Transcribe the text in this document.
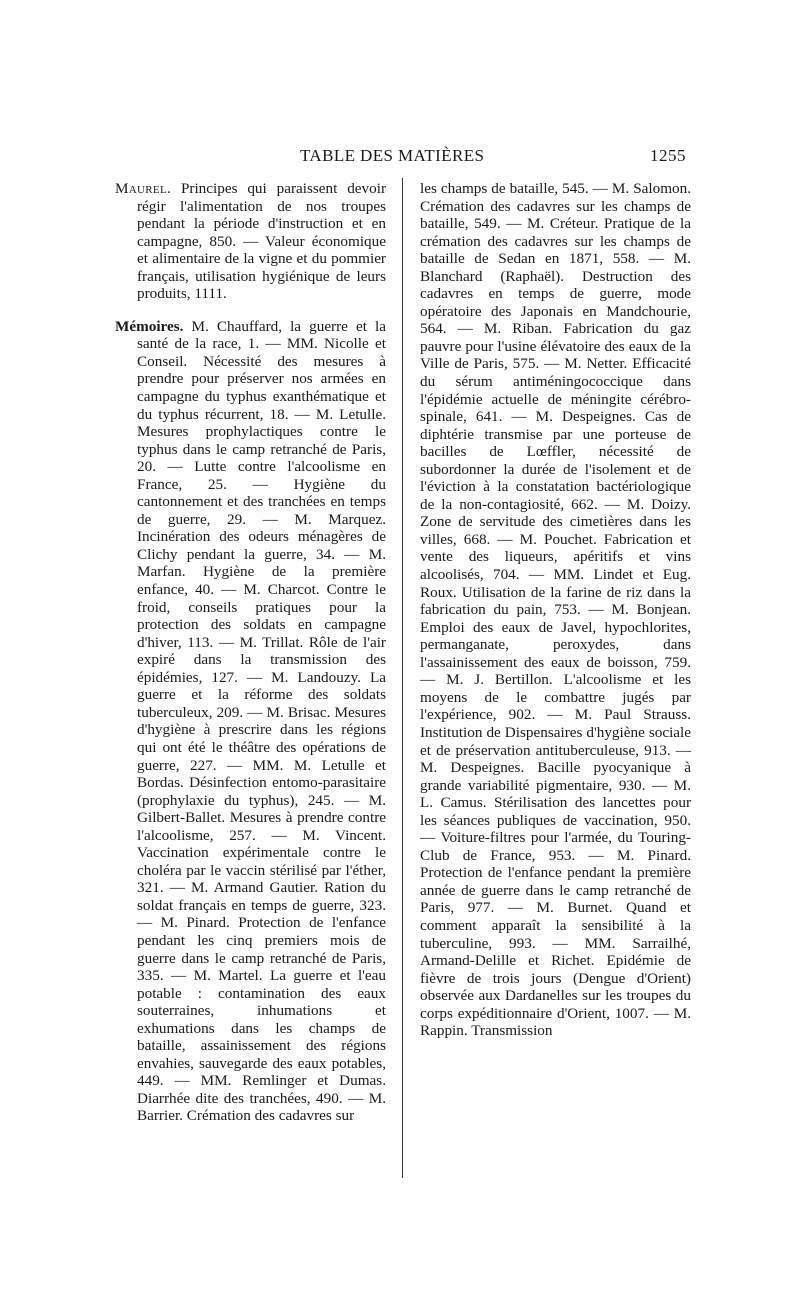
TABLE DES MATIÈRES	1255
Maurel. Principes qui paraissent devoir régir l'alimentation de nos troupes pendant la période d'instruction et en campagne, 850. — Valeur économique et alimentaire de la vigne et du pommier français, utilisation hygiénique de leurs produits, 1111.
Mémoires. M. Chauffard, la guerre et la santé de la race, 1. — MM. Nicolle et Conseil. Nécessité des mesures à prendre pour préserver nos armées en campagne du typhus exanthématique et du typhus récurrent, 18. — M. Letulle. Mesures prophylactiques contre le typhus dans le camp retranché de Paris, 20. — Lutte contre l'alcoolisme en France, 25. — Hygiène du cantonnement et des tranchées en temps de guerre, 29. — M. Marquez. Incinération des odeurs ménagères de Clichy pendant la guerre, 34. — M. Marfan. Hygiène de la première enfance, 40. — M. Charcot. Contre le froid, conseils pratiques pour la protection des soldats en campagne d'hiver, 113. — M. Trillat. Rôle de l'air expiré dans la transmission des épidémies, 127. — M. Landouzy. La guerre et la réforme des soldats tuberculeux, 209. — M. Brisac. Mesures d'hygiène à prescrire dans les régions qui ont été le théâtre des opérations de guerre, 227. — MM. M. Letulle et Bordas. Désinfection entomo-parasitaire (prophylaxie du typhus), 245. — M. Gilbert-Ballet. Mesures à prendre contre l'alcoolisme, 257. — M. Vincent. Vaccination expérimentale contre le choléra par le vaccin stérilisé par l'éther, 321. — M. Armand Gautier. Ration du soldat français en temps de guerre, 323. — M. Pinard. Protection de l'enfance pendant les cinq premiers mois de guerre dans le camp retranché de Paris, 335. — M. Martel. La guerre et l'eau potable : contamination des eaux souterraines, inhumations et exhumations dans les champs de bataille, assainissement des régions envahies, sauvegarde des eaux potables, 449. — MM. Remlinger et Dumas. Diarrhée dite des tranchées, 490. — M. Barrier. Crémation des cadavres sur

les champs de bataille, 545. — M. Salomon. Crémation des cadavres sur les champs de bataille, 549. — M. Créteur. Pratique de la crémation des cadavres sur les champs de bataille de Sedan en 1871, 558. — M. Blanchard (Raphaël). Destruction des cadavres en temps de guerre, mode opératoire des Japonais en Mandchourie, 564. — M. Riban. Fabrication du gaz pauvre pour l'usine élévatoire des eaux de la Ville de Paris, 575. — M. Netter. Efficacité du sérum antiméningococcique dans l'épidémie actuelle de méningite cérébro-spinale, 641. — M. Despeignes. Cas de diphtérie transmise par une porteuse de bacilles de Lœffler, nécessité de subordonner la durée de l'isolement et de l'éviction à la constatation bactériologique de la non-contagiosité, 662. — M. Doizy. Zone de servitude des cimetières dans les villes, 668. — M. Pouchet. Fabrication et vente des liqueurs, apéritifs et vins alcoolisés, 704. — MM. Lindet et Eug. Roux. Utilisation de la farine de riz dans la fabrication du pain, 753. — M. Bonjean. Emploi des eaux de Javel, hypochlorites, permanganate, peroxydes, dans l'assainissement des eaux de boisson, 759. — M. J. Bertillon. L'alcoolisme et les moyens de le combattre jugés par l'expérience, 902. — M. Paul Strauss. Institution de Dispensaires d'hygiène sociale et de préservation antituberculeuse, 913. — M. Despeignes. Bacille pyocyanique à grande variabilité pigmentaire, 930. — M. L. Camus. Stérilisation des lancettes pour les séances publiques de vaccination, 950. — Voiture-filtres pour l'armée, du Touring-Club de France, 953. — M. Pinard. Protection de l'enfance pendant la première année de guerre dans le camp retranché de Paris, 977. — M. Burnet. Quand et comment apparaît la sensibilité à la tuberculine, 993. — MM. Sarrailhé, Armand-Delille et Richet. Epidémie de fièvre de trois jours (Dengue d'Orient) observée aux Dardanelles sur les troupes du corps expéditionnaire d'Orient, 1007. — M. Rappin. Transmission
